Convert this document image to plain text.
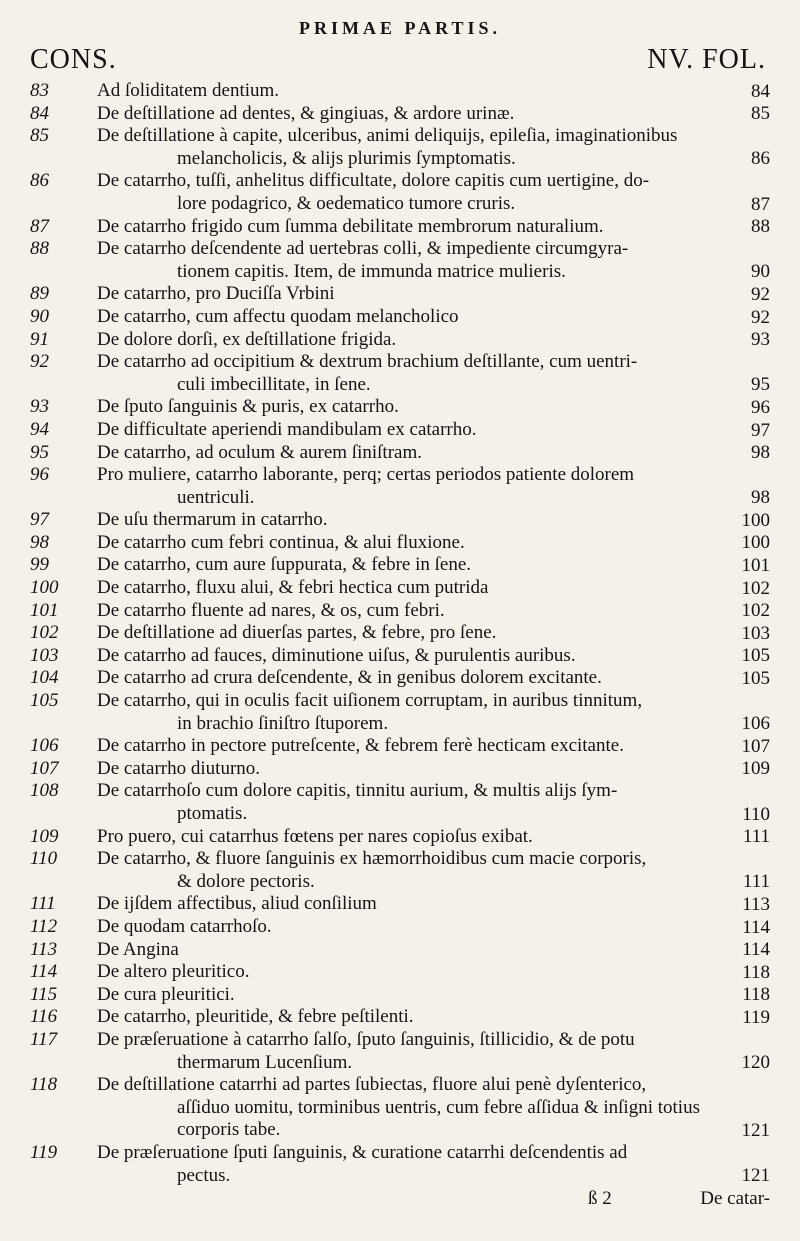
PRIMAE PARTIS.
CONS.	NV. FOL.
83	Ad ſoliditatem dentium.	84
84	De deſtillatione ad dentes, & gingiuas, & ardore urinæ.	85
85	De deſtillatione à capite, ulceribus, animi deliquijs, epileſia, imaginationibus
melancholicis, & alijs plurimis ſymptomatis.	86
86	De catarrho, tuſſi, anhelitus difficultate, dolore capitis cum uertigine, do-
lore podagrico, & oedematico tumore cruris.	87
87	De catarrho frigido cum ſumma debilitate membrorum naturalium.	88
88	De catarrho deſcendente ad uertebras colli, & impediente circumgyra-
tionem capitis. Item, de immunda matrice mulieris.	90
89	De catarrho, pro Duciſſa Vrbini	92
90	De catarrho, cum affectu quodam melancholico	92
91	De dolore dorſi, ex deſtillatione frigida.	93
92	De catarrho ad occipitium & dextrum brachium deſtillante, cum uentri-
culi imbecillitate, in ſene.	95
93	De ſputo ſanguinis & puris, ex catarrho.	96
94	De difficultate aperiendi mandibulam ex catarrho.	97
95	De catarrho, ad oculum & aurem ſiniſtram.	98
96	Pro muliere, catarrho laborante, perq; certas periodos patiente dolorem
uentriculi.	98
97	De uſu thermarum in catarrho.	100
98	De catarrho cum febri continua, & alui fluxione.	100
99	De catarrho, cum aure ſuppurata, & febre in ſene.	101
100	De catarrho, fluxu alui, & febri hectica cum putrida	102
101	De catarrho fluente ad nares, & os, cum febri.	102
102	De deſtillatione ad diuerſas partes, & febre, pro ſene.	103
103	De catarrho ad fauces, diminutione uiſus, & purulentis auribus.	105
104	De catarrho ad crura deſcendente, & in genibus dolorem excitante.	105
105	De catarrho, qui in oculis facit uiſionem corruptam, in auribus tinnitum,
in brachio ſiniſtro ſtuporem.	106
106	De catarrho in pectore putreſcente, & febrem ferè hecticam excitante.	107
107	De catarrho diuturno.	109
108	De catarrhoſo cum dolore capitis, tinnitu aurium, & multis alijs ſym-
ptomatis.	110
109	Pro puero, cui catarrhus fœtens per nares copioſus exibat.	111
110	De catarrho, & fluore ſanguinis ex hæmorrhoidibus cum macie corporis,
& dolore pectoris.	111
111	De ijſdem affectibus, aliud conſilium	113
112	De quodam catarrhoſo.	114
113	De Angina	114
114	De altero pleuritico.	118
115	De cura pleuritici.	118
116	De catarrho, pleuritide, & febre peſtilenti.	119
117	De præſeruatione à catarrho ſalſo, ſputo ſanguinis, ſtillicidio, & de potu
thermarum Lucenſium.	120
118	De deſtillatione catarrhi ad partes ſubiectas, fluore alui penè dyſenterico,
aſſiduo uomitu, torminibus uentris, cum febre aſſidua & inſigni totius corporis tabe.	121
119	De præſeruatione ſputi ſanguinis, & curatione catarrhi deſcendentis ad
pectus.	121
ß 2	De catar-
